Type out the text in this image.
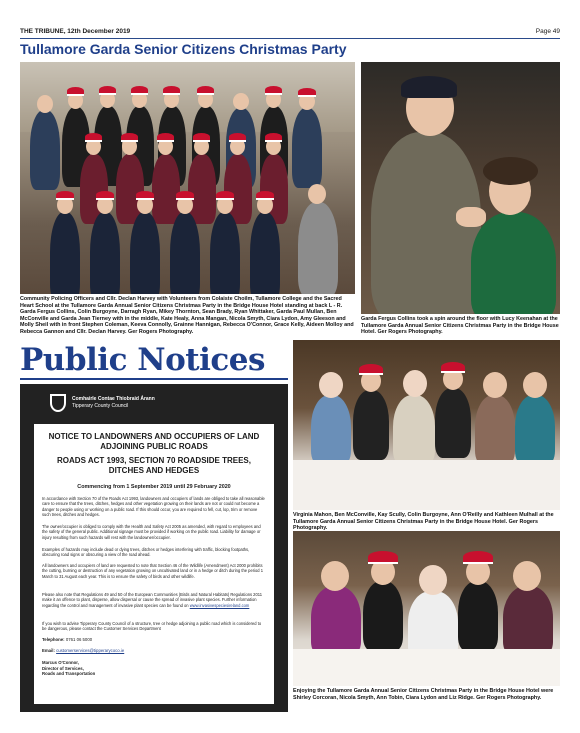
THE TRIBUNE, 12th December 2019	Page 49
Tullamore Garda Senior Citizens Christmas Party
Community Policing Officers and Cllr. Declan Harvey with Volunteers from Colaiste Choilm, Tullamore College and the Sacred Heart School at the Tullamore Garda Annual Senior Citizens Christmas Party in the Bridge House Hotel standing at back L - R. Garda Fergus Collins, Colin Burgoyne, Darragh Ryan, Mikey Thornton, Sean Brady, Ryan Whittaker, Garda Paul Mullan, Ben McConville and Garda Jean Tierney with in the middle, Kate Healy, Anna Mangan, Nicola Smyth, Ciara Lydon, Amy Gleeson and Molly Sheil with in front Stephen Coleman, Keeva Connolly, Grainne Hannigan, Rebecca O'Connor, Grace Kelly, Aideen Molloy and Rebecca Gannon and Cllr. Declan Harvey. Ger Rogers Photography.
Garda Fergus Collins took a spin around the floor with Lucy Keenahan at the Tullamore Garda Annual Senior Citizens Christmas Party in the Bridge House Hotel. Ger Rogers Photography.
Public Notices
Comhairle Contae Thiobraid Árann
Tipperary County Council
NOTICE TO LANDOWNERS AND OCCUPIERS OF LAND ADJOINING PUBLIC ROADS
ROADS ACT 1993, SECTION 70 ROADSIDE TREES, DITCHES AND HEDGES
Commencing from 1 September 2019 until 29 February 2020
In accordance with Section 70 of the Roads Act 1993, landowners and occupiers of lands are obliged to take all reasonable care to ensure that the trees, ditches, hedges and other vegetation growing on their lands are not or could not become a danger to people using or working on a public road. If this should occur, you are required to fell, cut, lop, trim or remove such trees, ditches and hedges.
The owner/occupier is obliged to comply with the Health and Safety Act 2005 as amended, with regard to employees and the safety of the general public. Additional signage must be provided if working on the public road. Liability for damage or injury resulting from such hazards will rest with the landowner/occupier.
Examples of hazards may include dead or dying trees, ditches or hedges interfering with traffic, blocking footpaths, obscuring road signs or obscuring a view of the road ahead.
All landowners and occupiers of land are requested to note that Section 46 of the Wildlife (Amendment) Act 2000 prohibits the cutting, burning or destruction of any vegetation growing on uncultivated land or in a hedge or ditch during the period 1 March to 31 August each year. This is to ensure the safety of birds and other wildlife.
Please also note that Regulations 49 and 50 of the European Communities (Birds and Natural Habitats) Regulations 2011 make it an offence to plant, disperse, allow dispersal or cause the spread of invasive plant species. Further information regarding the control and management of invasive plant species can be found on www.invasivespeciesireland.com
If you wish to advise Tipperary County Council of a structure, tree or hedge adjoining a public road which is considered to be dangerous, please contact the Customer Services Department
Telephone: 0761 06 5000
Email: customerservices@tipperarycoco.ie
Marcus O'Connor,
Director of Services,
Roads and Transportation
Virginia Mahon, Ben McConville, Kay Scully, Colin Burgoyne, Ann O'Reilly and Kathleen Mulhall at the Tullamore Garda Annual Senior Citizens Christmas Party in the Bridge House Hotel. Ger Rogers Photography.
Enjoying the Tullamore Garda Annual Senior Citizens Christmas Party in the Bridge House Hotel were Shirley Corcoran, Nicola Smyth, Ann Tobin, Ciara Lydon and Liz Ridge. Ger Rogers Photography.
